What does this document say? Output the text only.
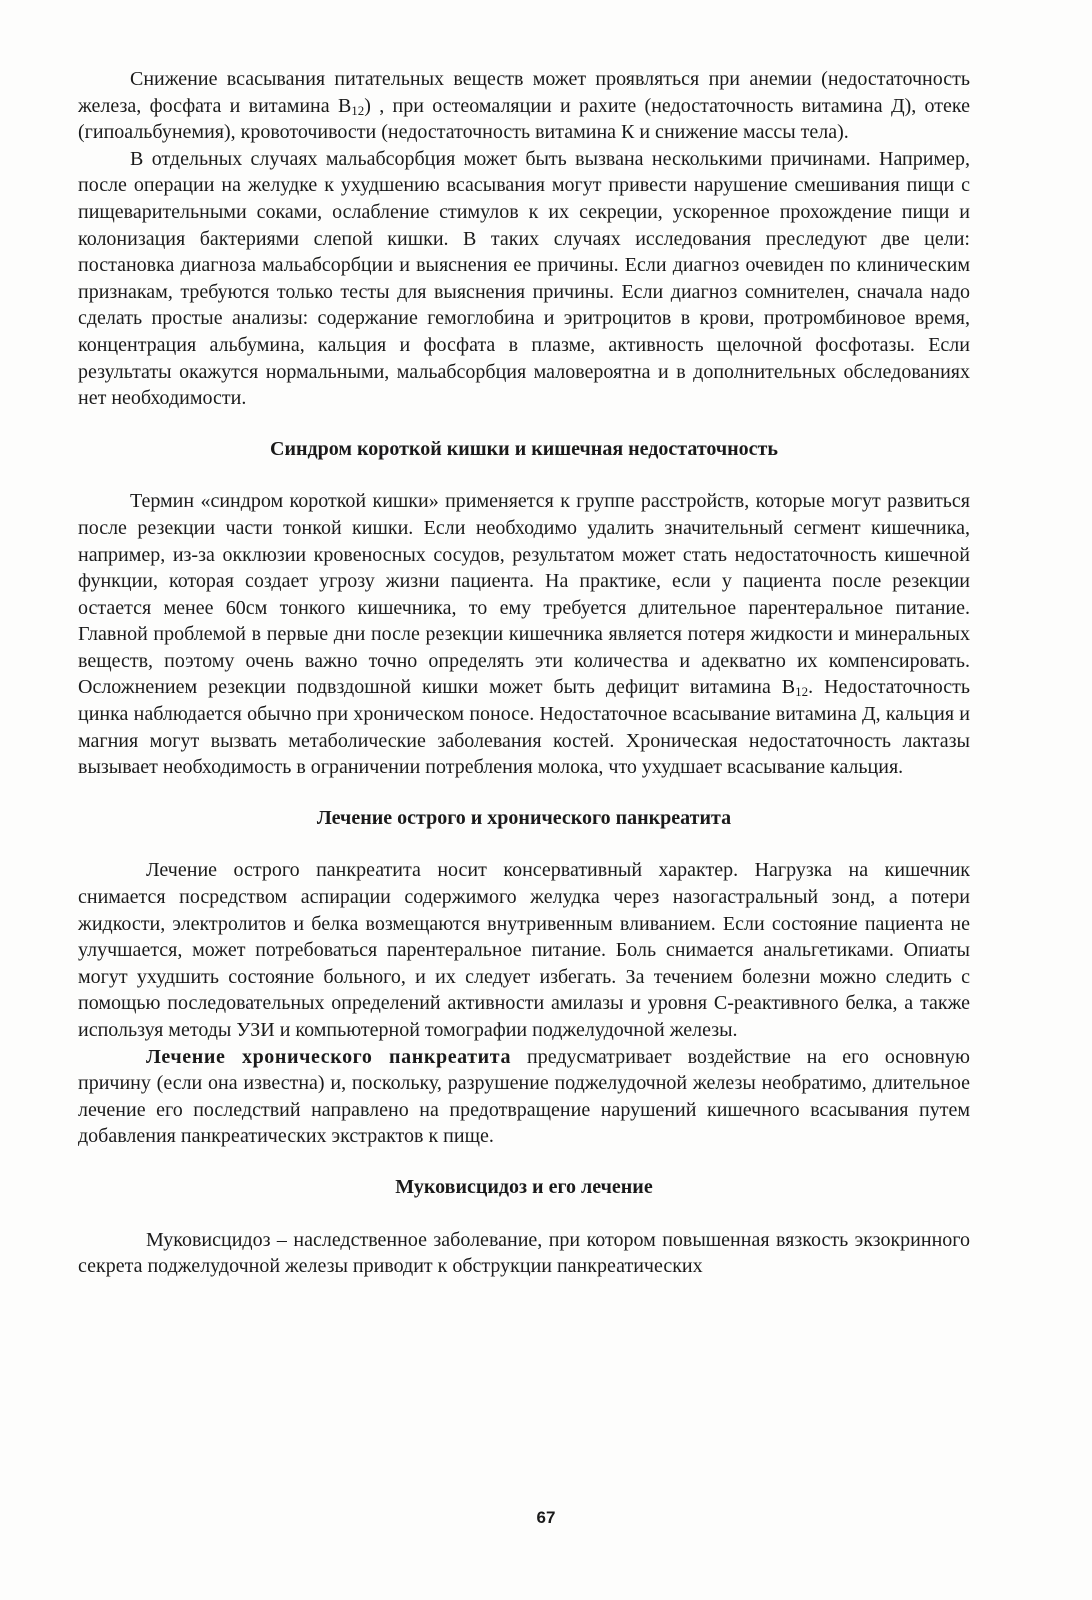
Снижение всасывания питательных веществ может проявляться при анемии (недостаточность железа, фосфата и витамина $B_{12}$) , при остеомаляции и рахите (недостаточность витамина Д), отеке (гипоальбунемия), кровоточивости (недостаточность витамина К и снижение массы тела).

В отдельных случаях мальабсорбция может быть вызвана несколькими причинами. Например, после операции на желудке к ухудшению всасывания могут привести нарушение смешивания пищи с пищеварительными соками, ослабление стимулов к их секреции, ускоренное прохождение пищи и колонизация бактериями слепой кишки. В таких случаях исследования преследуют две цели: постановка диагноза мальабсорбции и выяснения ее причины. Если диагноз очевиден по клиническим признакам, требуются только тесты для выяснения причины. Если диагноз сомнителен, сначала надо сделать простые анализы: содержание гемоглобина и эритроцитов в крови, протромбиновое время, концентрация альбумина, кальция и фосфата в плазме, активность щелочной фосфотазы. Если результаты окажутся нормальными, мальабсорбция маловероятна и в дополнительных обследованиях нет необходимости.

Синдром короткой кишки и кишечная недостаточность

Термин «синдром короткой кишки» применяется к группе расстройств, которые могут развиться после резекции части тонкой кишки. Если необходимо удалить значительный сегмент кишечника, например, из-за окклюзии кровеносных сосудов, результатом может стать недостаточность кишечной функции, которая создает угрозу жизни пациента. На практике, если у пациента после резекции остается менее 60см тонкого кишечника, то ему требуется длительное парентеральное питание. Главной проблемой в первые дни после резекции кишечника является потеря жидкости и минеральных веществ, поэтому очень важно точно определять эти количества и адекватно их компенсировать. Осложнением резекции подвздошной кишки может быть дефицит витамина $B_{12}$. Недостаточность цинка наблюдается обычно при хроническом поносе. Недостаточное всасывание витамина Д, кальция и магния могут вызвать метаболические заболевания костей. Хроническая недостаточность лактазы вызывает необходимость в ограничении потребления молока, что ухудшает всасывание кальция.

Лечение острого и хронического панкреатита

Лечение острого панкреатита носит консервативный характер. Нагрузка на кишечник снимается посредством аспирации содержимого желудка через назогастральный зонд, а потери жидкости, электролитов и белка возмещаются внутривенным вливанием. Если состояние пациента не улучшается, может потребоваться парентеральное питание. Боль снимается анальгетиками. Опиаты могут ухудшить состояние больного, и их следует избегать. За течением болезни можно следить с помощью последовательных определений активности амилазы и уровня С-реактивного белка, а также используя методы УЗИ и компьютерной томографии поджелудочной железы.

Лечение хронического панкреатита предусматривает воздействие на его основную причину (если она известна) и, поскольку, разрушение поджелудочной железы необратимо, длительное лечение его последствий направлено на предотвращение нарушений кишечного всасывания путем добавления панкреатических экстрактов к пище.

Муковисцидоз и его лечение

Муковисцидоз – наследственное заболевание, при котором повышенная вязкость экзокринного секрета поджелудочной железы приводит к обструкции панкреатических

67
